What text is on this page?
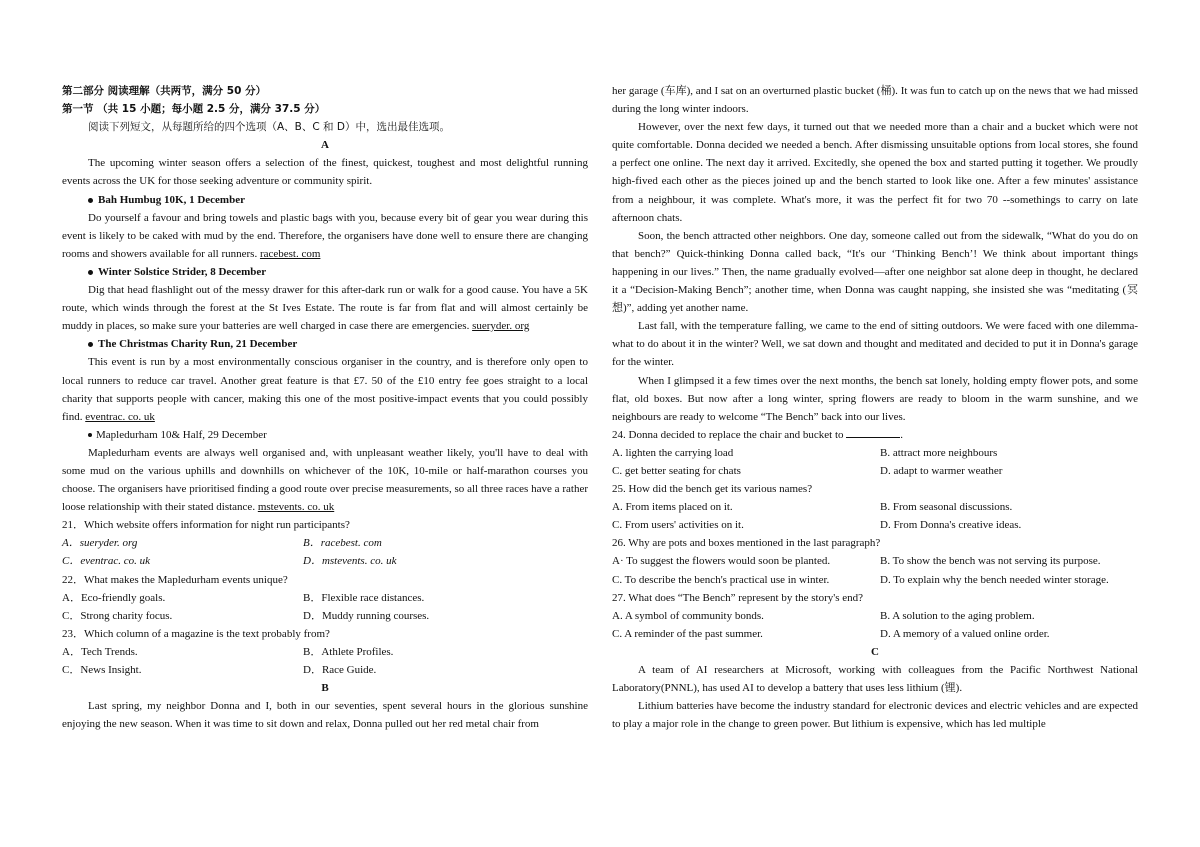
第二部分 阅读理解（共两节，满分 50 分）

第一节 （共 15 小题；每小题 2.5 分，满分 37.5 分）

阅读下列短文，从每题所给的四个选项（A、B、C 和 D）中，选出最佳选项。

A

The upcoming winter season offers a selection of the finest, quickest, toughest and most delightful running events across the UK for those seeking adventure or community spirit.

Bah Humbug 10K, 1 December

Do yourself a favour and bring towels and plastic bags with you, because every bit of gear you wear during this event is likely to be caked with mud by the end. Therefore, the organisers have done well to ensure there are changing rooms and showers available for all runners. racebest. com

Winter Solstice Strider, 8 December

Dig that head flashlight out of the messy drawer for this after-dark run or walk for a good cause. You have a 5K route, which winds through the forest at the St Ives Estate. The route is far from flat and will almost certainly be muddy in places, so make sure your batteries are well charged in case there are emergencies. sueryder. org

The Christmas Charity Run, 21 December

This event is run by a most environmentally conscious organiser in the country, and is therefore only open to local runners to reduce car travel. Another great feature is that £7. 50 of the £10 entry fee goes straight to a local charity that supports people with cancer, making this one of the most positive-impact events that you could possibly find. eventrac. co. uk

Mapledurham 10& Half, 29 December

Mapledurham events are always well organised and, with unpleasant weather likely, you'll have to deal with some mud on the various uphills and downhills on whichever of the 10K, 10-mile or half-marathon courses you choose. The organisers have prioritised finding a good route over precise measurements, so all three races have a rather loose relationship with their stated distance. mstevents. co. uk

21．Which website offers information for night run participants?

A．sueryder. org	B．racebest. com
C．eventrac. co. uk	D．mstevents. co. uk

22．What makes the Mapledurham events unique?

A．Eco-friendly goals.	B．Flexible race distances.
C．Strong charity focus.	D．Muddy running courses.

23．Which column of a magazine is the text probably from?

A．Tech Trends.	B．Athlete Profiles.
C．News Insight.	D．Race Guide.

B

Last spring, my neighbor Donna and I, both in our seventies, spent several hours in the glorious sunshine enjoying the new season. When it was time to sit down and relax, Donna pulled out her red metal chair from

her garage (车库), and I sat on an overturned plastic bucket (桶). It was fun to catch up on the news that we had missed during the long winter indoors.

However, over the next few days, it turned out that we needed more than a chair and a bucket which were not quite comfortable. Donna decided we needed a bench. After dismissing unsuitable options from local stores, she found a perfect one online. The next day it arrived. Excitedly, she opened the box and started putting it together. We proudly high-fived each other as the pieces joined up and the bench started to look like one. After a few minutes' assistance from a neighbour, it was complete. What's more, it was the perfect fit for two 70 --somethings to carry on late afternoon chats.

Soon, the bench attracted other neighbors. One day, someone called out from the sidewalk, “What do you do on that bench?” Quick-thinking Donna called back, “It's our ‘Thinking Bench’! We think about important things happening in our lives.” Then, the name gradually evolved—after one neighbor sat alone deep in thought, he declared it a “Decision-Making Bench”; another time, when Donna was caught napping, she insisted she was “meditating (冥想)”, adding yet another name.

Last fall, with the temperature falling, we came to the end of sitting outdoors. We were faced with one dilemma-what to do about it in the winter? Well, we sat down and thought and meditated and decided to put it in Donna's garage for the winter.

When I glimpsed it a few times over the next months, the bench sat lonely, holding empty flower pots, and some flat, old boxes. But now after a long winter, spring flowers are ready to bloom in the warm sunshine, and we neighbours are ready to welcome “The Bench” back into our lives.

24. Donna decided to replace the chair and bucket to	.

A. lighten the carrying load	B. attract more neighbours
C. get better seating for chats	D. adapt to warmer weather

25. How did the bench get its various names?

A. From items placed on it.	B. From seasonal discussions.
C. From users' activities on it.	D. From Donna's creative ideas.

26. Why are pots and boxes mentioned in the last paragraph?

A· To suggest the flowers would soon be planted.	B. To show the bench was not serving its purpose.
C. To describe the bench's practical use in winter.	D. To explain why the bench needed winter storage.

27. What does “The Bench” represent by the story's end?

A. A symbol of community bonds.	B. A solution to the aging problem.
C. A reminder of the past summer.	D. A memory of a valued online order.

C

A team of AI researchers at Microsoft, working with colleagues from the Pacific Northwest National Laboratory(PNNL), has used AI to develop a battery that uses less lithium (锂).

Lithium batteries have become the industry standard for electronic devices and electric vehicles and are expected to play a major role in the change to green power. But lithium is expensive, which has led multiple
